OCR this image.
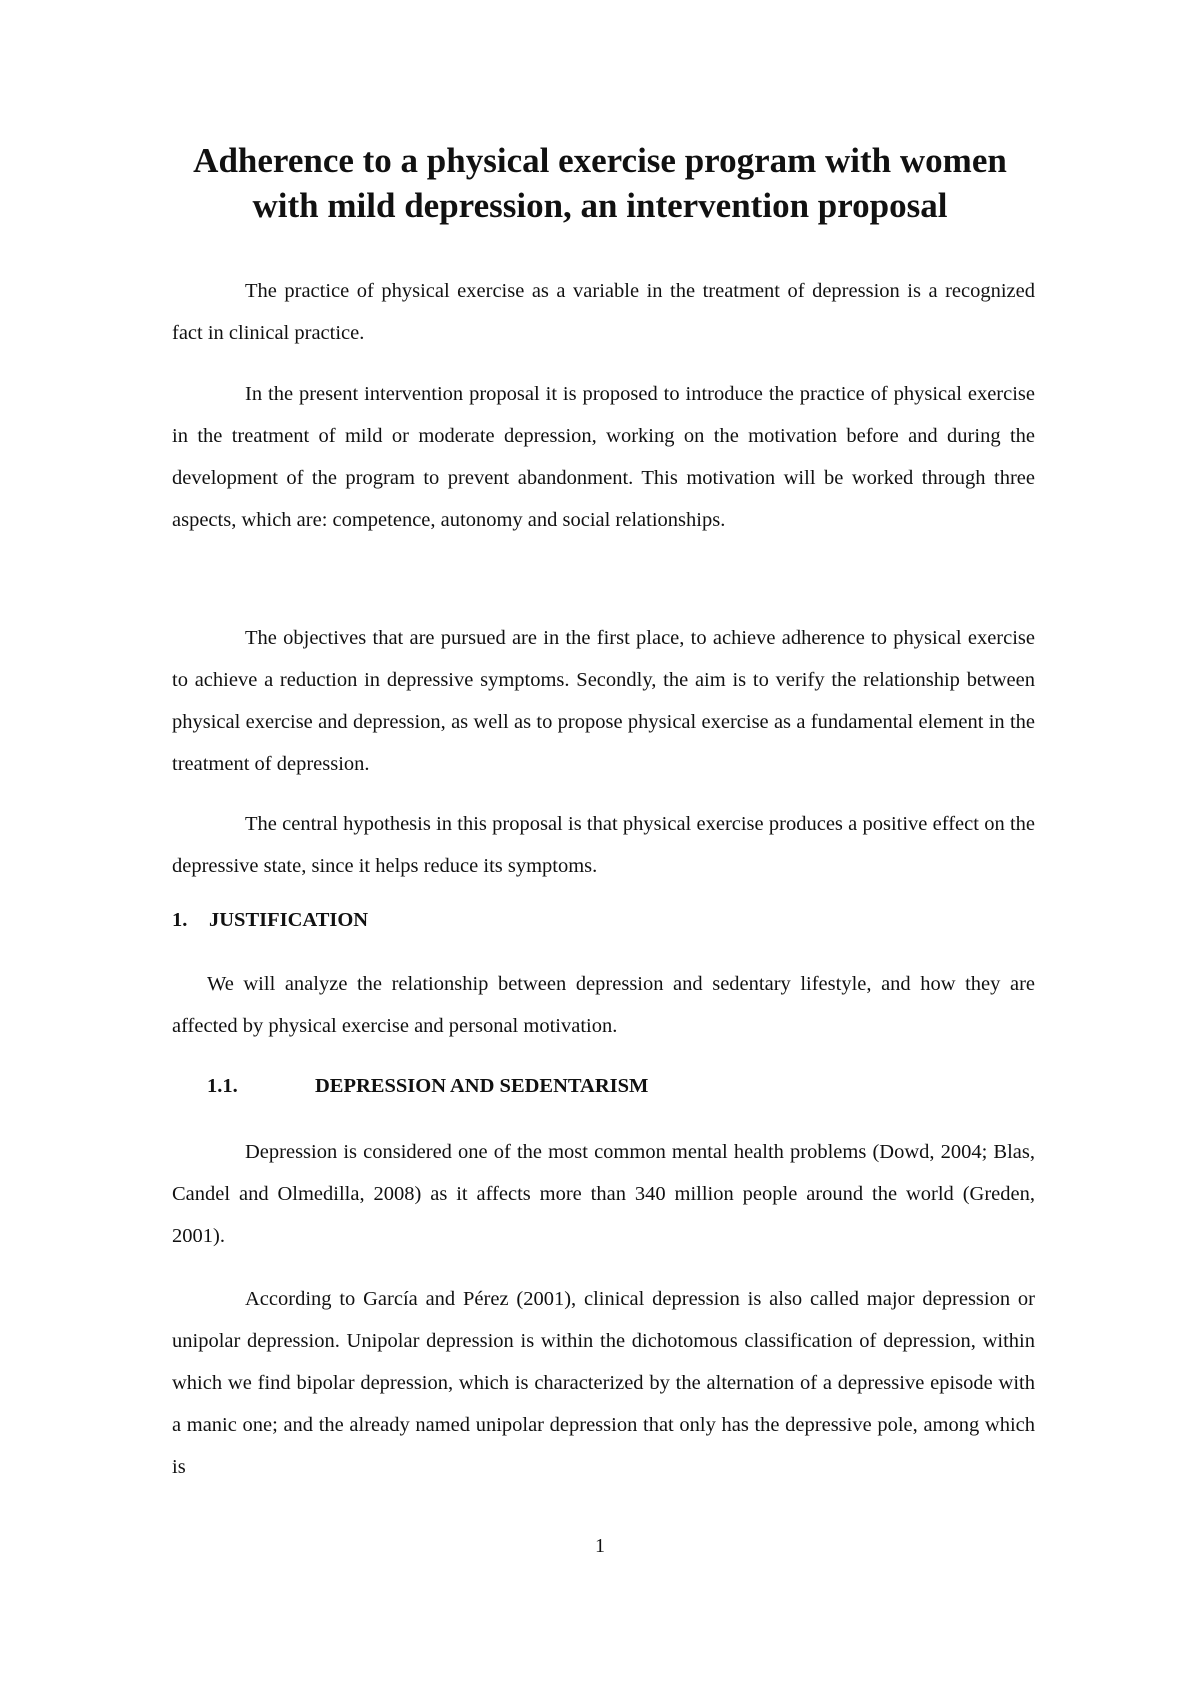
Adherence to a physical exercise program with women with mild depression, an intervention proposal

The practice of physical exercise as a variable in the treatment of depression is a recognized fact in clinical practice.

In the present intervention proposal it is proposed to introduce the practice of physical exercise in the treatment of mild or moderate depression, working on the motivation before and during the development of the program to prevent abandonment. This motivation will be worked through three aspects, which are: competence, autonomy and social relationships.

The objectives that are pursued are in the first place, to achieve adherence to physical exercise to achieve a reduction in depressive symptoms. Secondly, the aim is to verify the relationship between physical exercise and depression, as well as to propose physical exercise as a fundamental element in the treatment of depression.

The central hypothesis in this proposal is that physical exercise produces a positive effect on the depressive state, since it helps reduce its symptoms.

1. JUSTIFICATION

We will analyze the relationship between depression and sedentary lifestyle, and how they are affected by physical exercise and personal motivation.

1.1.	DEPRESSION AND SEDENTARISM

Depression is considered one of the most common mental health problems (Dowd, 2004; Blas, Candel and Olmedilla, 2008) as it affects more than 340 million people around the world (Greden, 2001).

According to García and Pérez (2001), clinical depression is also called major depression or unipolar depression. Unipolar depression is within the dichotomous classification of depression, within which we find bipolar depression, which is characterized by the alternation of a depressive episode with a manic one; and the already named unipolar depression that only has the depressive pole, among which is

1
